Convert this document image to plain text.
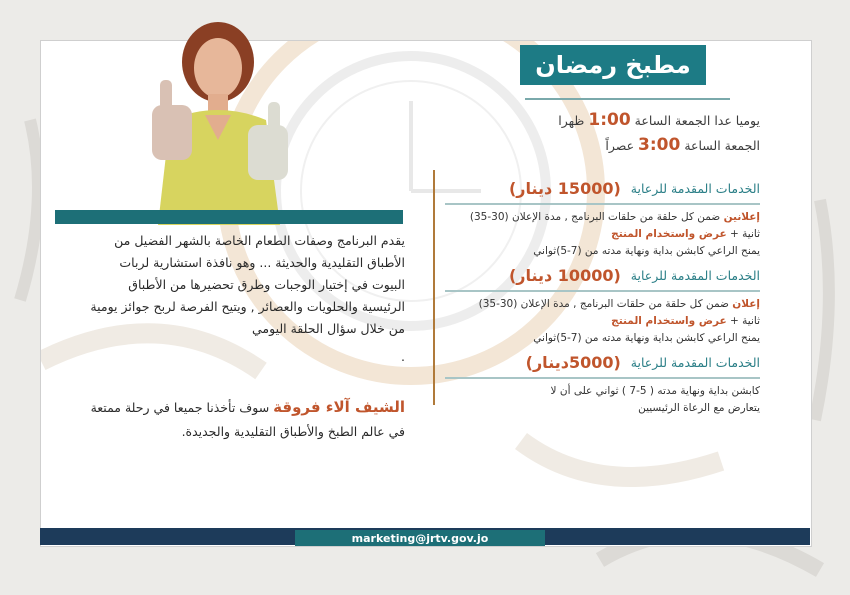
يقدم البرنامج وصفات الطعام الخاصة بالشهر الفضيل من

الأطباق التقليدية والحديثة ... وهو نافذة استشارية لربات

البيوت في إختيار الوجبات وطرق تحضيرها من الأطباق

الرئيسية والحلويات والعصائر , ويتيح الفرصة لربح جوائز يومية

من خلال سؤال الحلقة اليومي

.
الشيف آلاء فروقة سوف تأخذنا جميعا في رحلة ممتعة
في عالم الطبخ والأطباق التقليدية والجديدة.
مطبخ رمضان
يوميا عدا الجمعة الساعة 1:00 ظهرا
الجمعة الساعة 3:00 عصراً
الخدمات المقدمة للرعاية
(15000 دينار)
إعلانين ضمن كل حلقة من حلقات البرنامج , مدة الإعلان (30-35)
ثانية + عرض واستخدام المنتج
يمنح الراعي كابشن بداية ونهاية مدته من (7-5)ثواني
الخدمات المقدمة للرعاية
(10000 دينار)
إعلان ضمن كل حلقة من حلقات البرنامج , مدة الإعلان (30-35)
ثانية + عرض واستخدام المنتج
يمنح الراعي كابشن بداية ونهاية مدته من (7-5)ثواني
الخدمات المقدمة للرعاية
(5000دينار)
كابشن بداية ونهاية مدته ( 5-7 ) ثواني على أن لا
يتعارض مع الرعاة الرئيسيين
marketing@jrtv.gov.jo
